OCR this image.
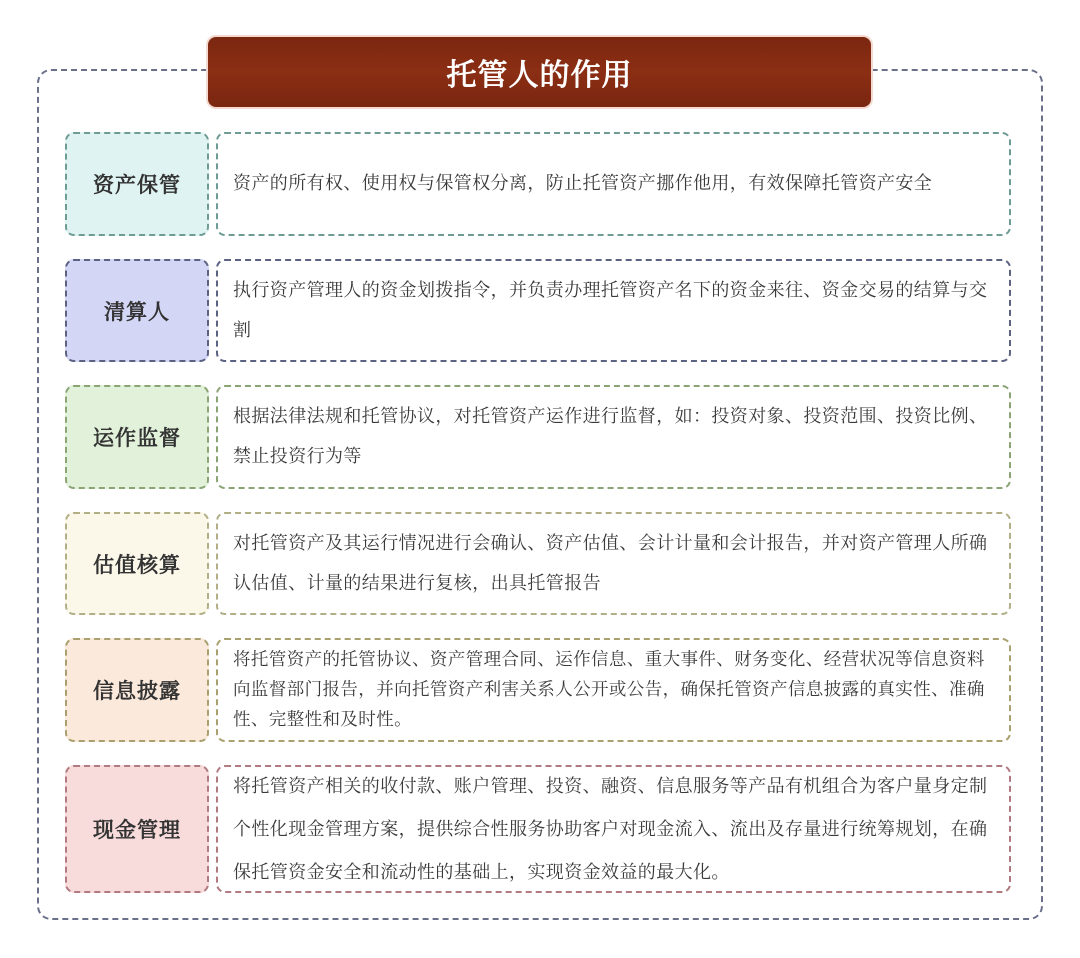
托管人的作用
资产保管	资产的所有权、使用权与保管权分离，防止托管资产挪作他用，有效保障托管资产安全
清算人
执行资产管理人的资金划拨指令，并负责办理托管资产名下的资金来往、资金交易的结算与交割
运作监督
根据法律法规和托管协议，对托管资产运作进行监督，如：投资对象、投资范围、投资比例、禁止投资行为等
估值核算
对托管资产及其运行情况进行会确认、资产估值、会计计量和会计报告，并对资产管理人所确认估值、计量的结果进行复核，出具托管报告
信息披露
将托管资产的托管协议、资产管理合同、运作信息、重大事件、财务变化、经营状况等信息资料向监督部门报告，并向托管资产利害关系人公开或公告，确保托管资产信息披露的真实性、准确性、完整性和及时性。
现金管理
将托管资产相关的收付款、账户管理、投资、融资、信息服务等产品有机组合为客户量身定制个性化现金管理方案，提供综合性服务协助客户对现金流入、流出及存量进行统筹规划，在确保托管资金安全和流动性的基础上，实现资金效益的最大化。
